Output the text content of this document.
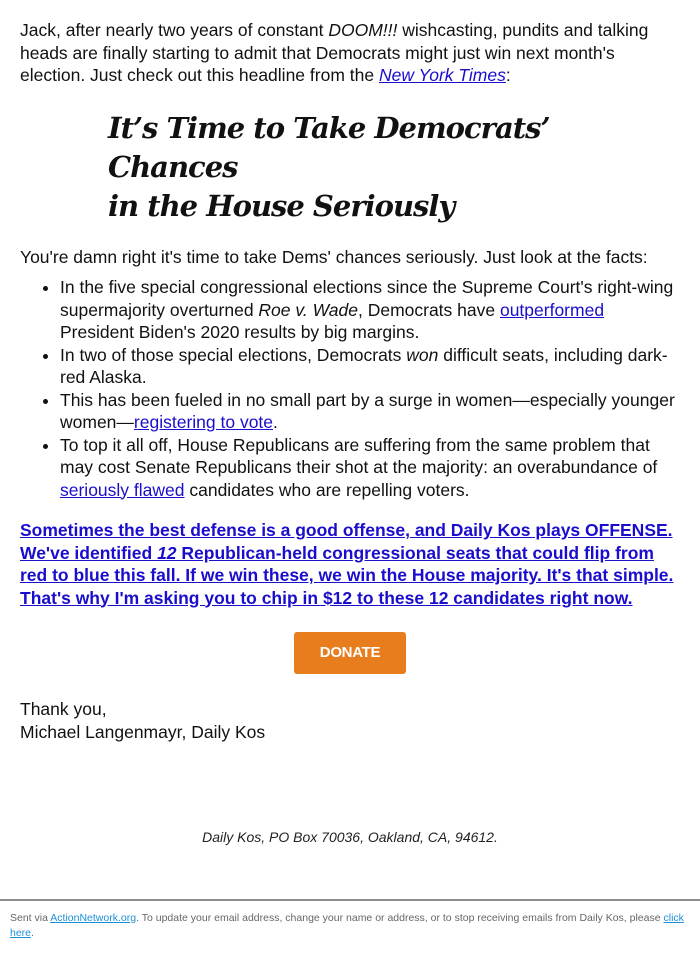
Jack, after nearly two years of constant DOOM!!! wishcasting, pundits and talking heads are finally starting to admit that Democrats might just win next month's election. Just check out this headline from the New York Times:

It’s Time to Take Democrats’ Chances
in the House Seriously

You're damn right it's time to take Dems' chances seriously. Just look at the facts:

• In the five special congressional elections since the Supreme Court's right-wing supermajority overturned Roe v. Wade, Democrats have outperformed President Biden's 2020 results by big margins.
• In two of those special elections, Democrats won difficult seats, including dark-red Alaska.
• This has been fueled in no small part by a surge in women—especially younger women—registering to vote.
• To top it all off, House Republicans are suffering from the same problem that may cost Senate Republicans their shot at the majority: an overabundance of seriously flawed candidates who are repelling voters.

Sometimes the best defense is a good offense, and Daily Kos plays OFFENSE. We've identified 12 Republican-held congressional seats that could flip from red to blue this fall. If we win these, we win the House majority. It's that simple. That's why I'm asking you to chip in $12 to these 12 candidates right now.

DONATE
Thank you,
Michael Langenmayr, Daily Kos
Daily Kos, PO Box 70036, Oakland, CA, 94612.
Sent via ActionNetwork.org. To update your email address, change your name or address, or to stop receiving emails from Daily Kos, please click here.
